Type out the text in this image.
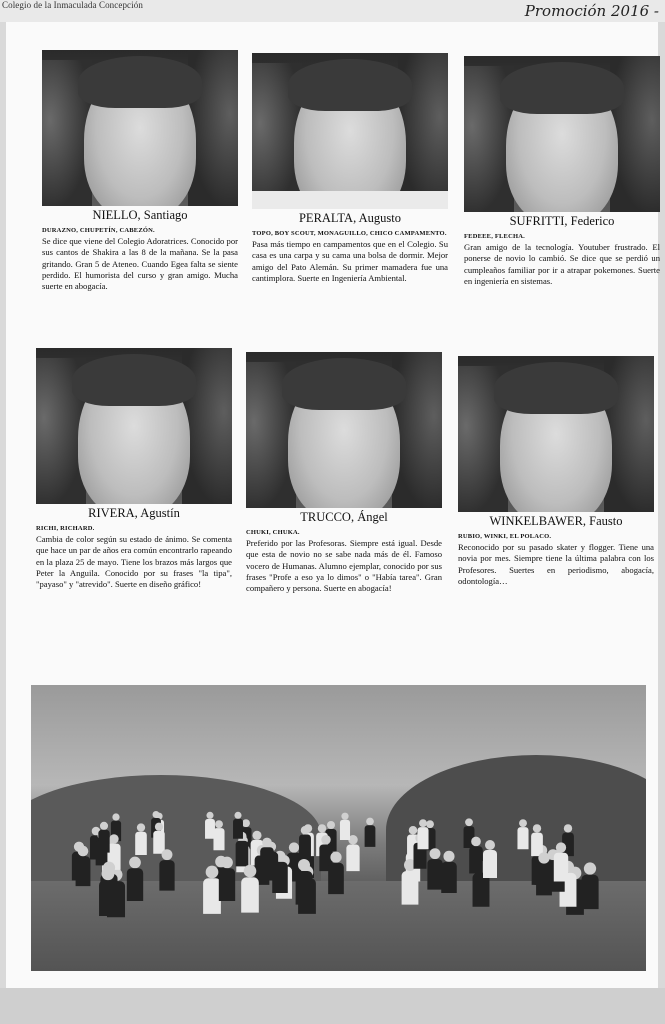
Colegio de la Inmaculada Concepción	Promoción 2016 -
NIELLO, Santiago
DURAZNO, CHUPETÍN, CABEZÓN.
Se dice que viene del Colegio Adoratrices. Conocido por sus cantos de Shakira a las 8 de la mañana. Se la pasa gritando. Gran 5 de Ateneo. Cuando Egea falta se siente perdido. El humorista del curso y gran amigo. Mucha suerte en abogacía.
PERALTA, Augusto
TOPO, BOY SCOUT, MONAGUILLO, CHICO CAMPAMENTO.
Pasa más tiempo en campamentos que en el Colegio. Su casa es una carpa y su cama una bolsa de dormir. Mejor amigo del Pato Alemán. Su primer mamadera fue una cantimplora. Suerte en Ingeniería Ambiental.
SUFRITTI, Federico
FEDEEE, FLECHA.
Gran amigo de la tecnología. Youtuber frustrado. El ponerse de novio lo cambió. Se dice que se perdió un cumpleaños familiar por ir a atrapar pokemones. Suerte en ingeniería en sistemas.
RIVERA, Agustín
RICHI, RICHARD.
Cambia de color según su estado de ánimo. Se comenta que hace un par de años era común encontrarlo rapeando en la plaza 25 de mayo. Tiene los brazos más largos que Peter la Anguila. Conocido por su frases "la tipa", "payaso" y "atrevido". Suerte en diseño gráfico!
TRUCCO, Ángel
CHUKI, CHUKA.
Preferido por las Profesoras. Siempre está igual. Desde que esta de novio no se sabe nada más de él. Famoso vocero de Humanas. Alumno ejemplar, conocido por sus frases "Profe a eso ya lo dimos" o "Había tarea". Gran compañero y persona. Suerte en abogacía!
WINKELBAWER, Fausto
RUBIO, WINKI, EL POLACO.
Reconocido por su pasado skater y flogger. Tiene una novia por mes. Siempre tiene la última palabra con los Profesores. Suertes en periodismo, abogacía, odontología…
